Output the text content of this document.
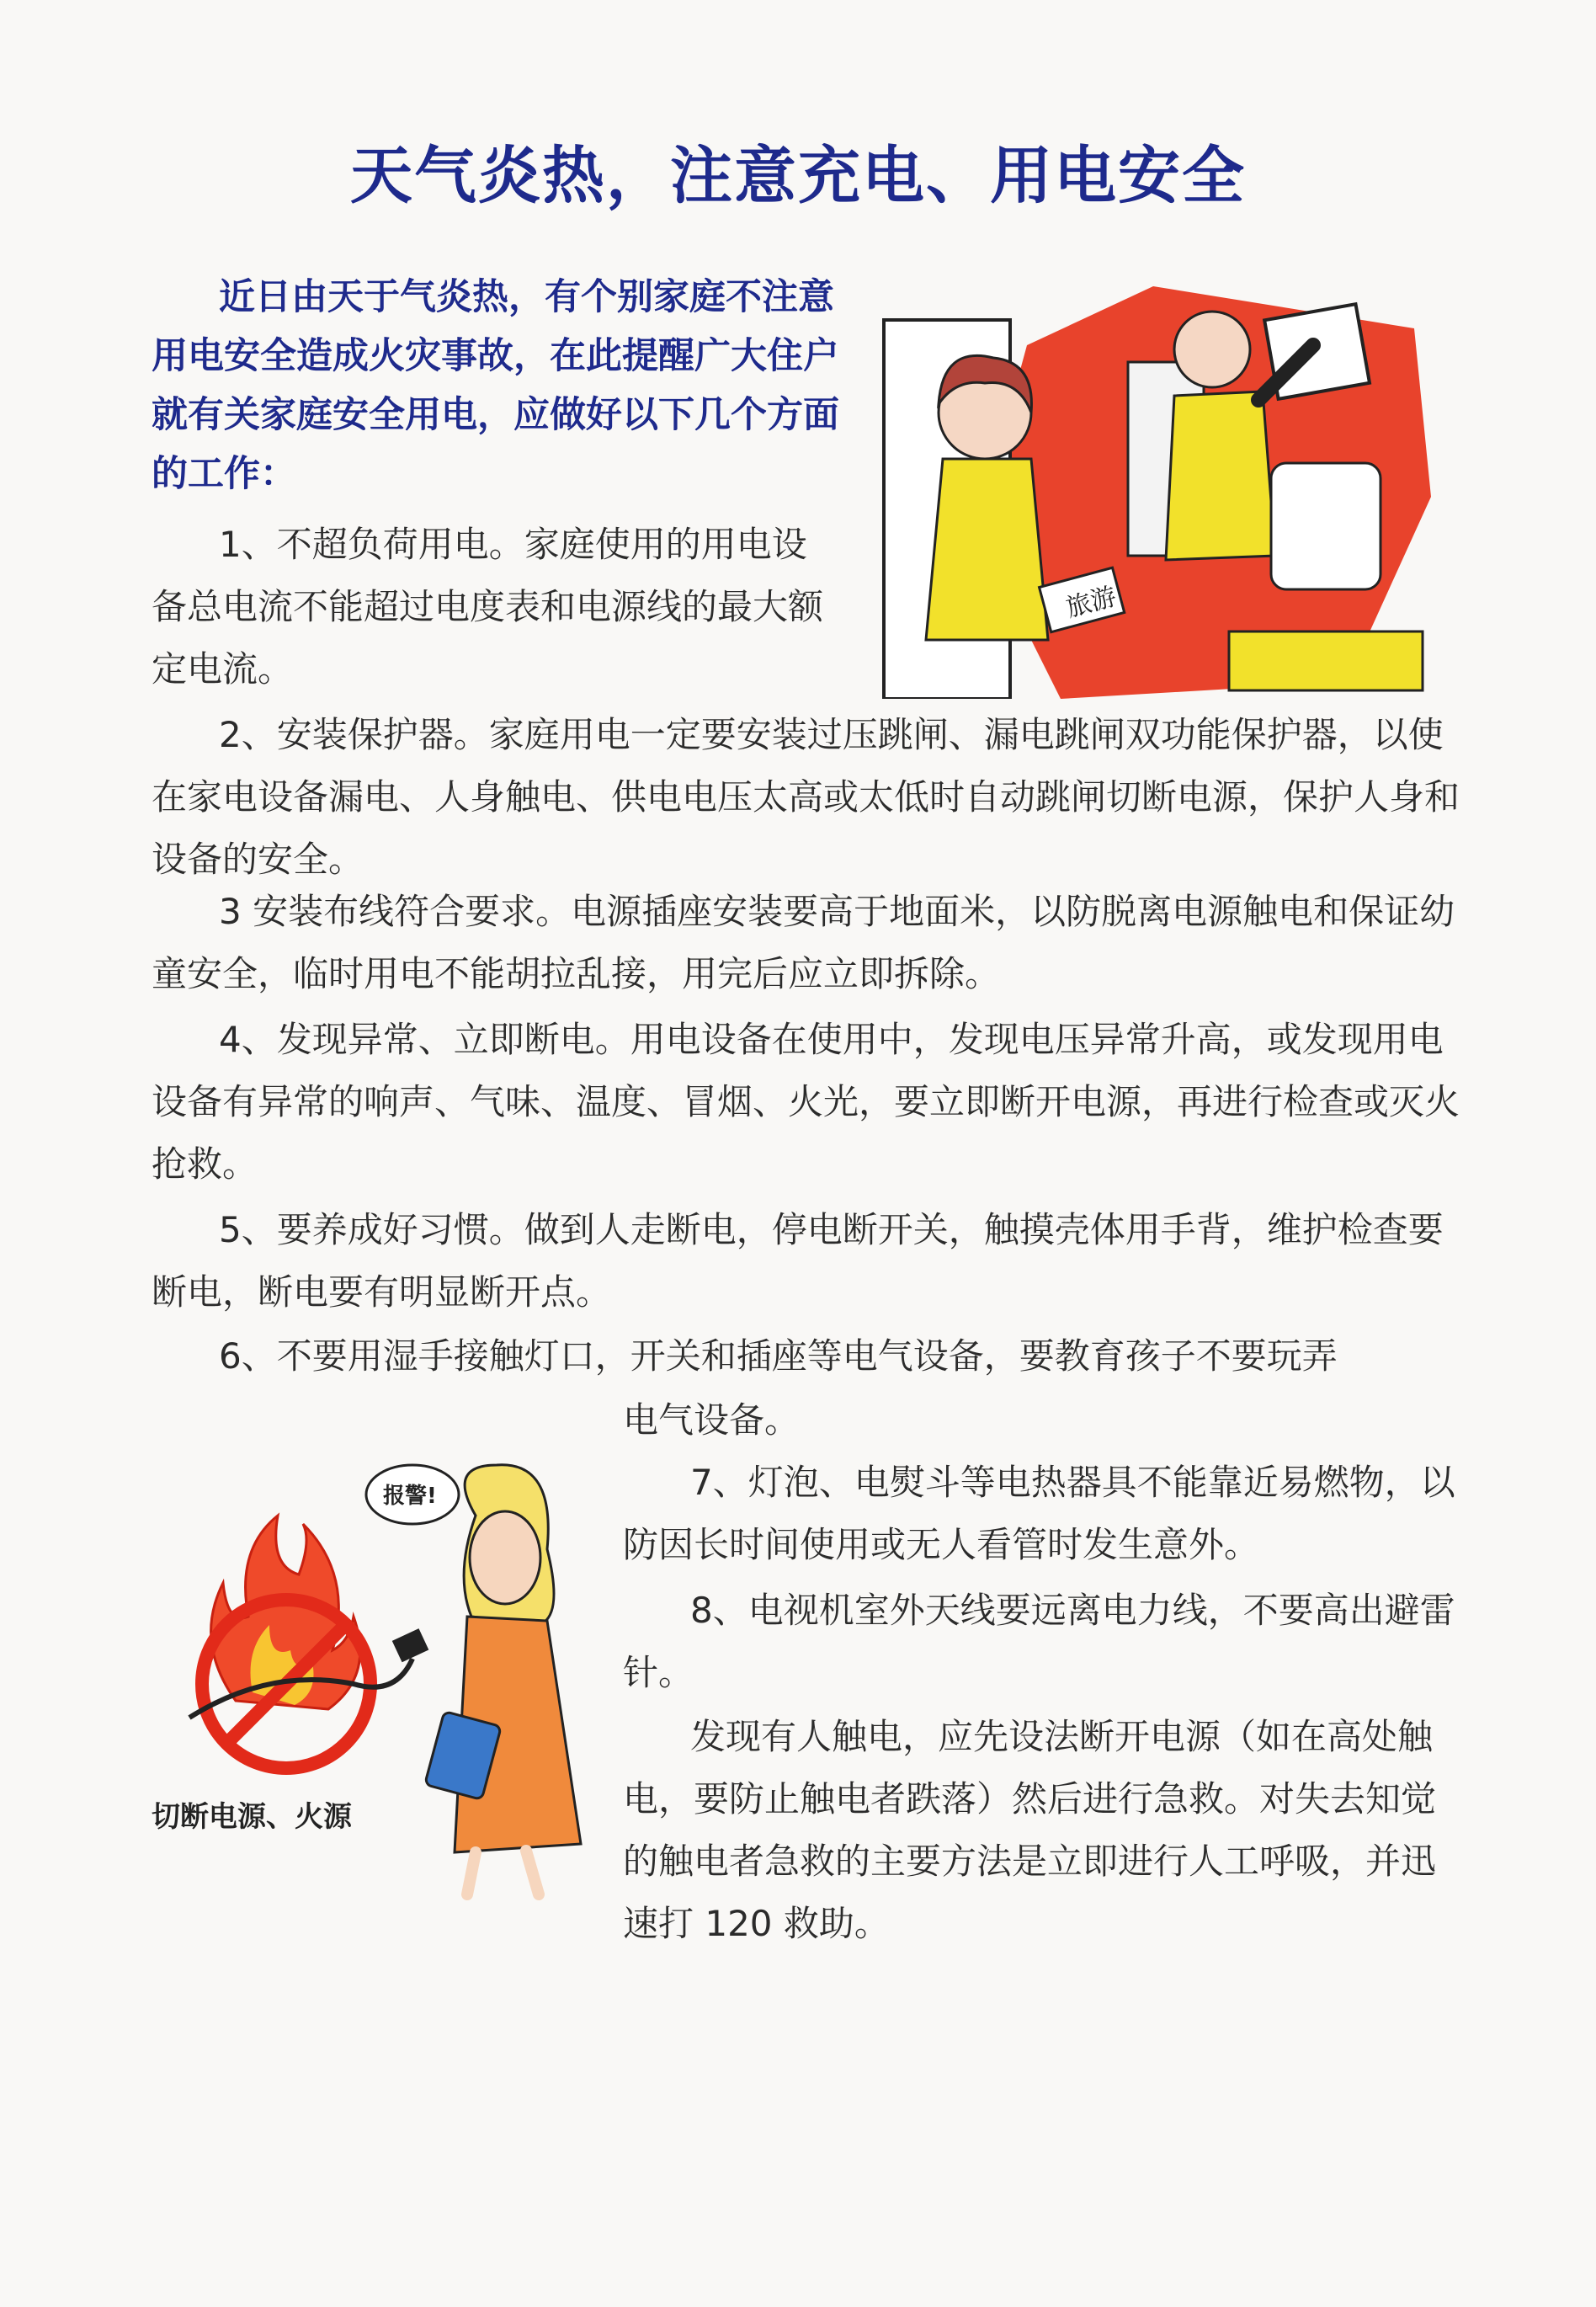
天气炎热，注意充电、用电安全
近日由天于气炎热，有个别家庭不注意用电安全造成火灾事故，在此提醒广大住户就有关家庭安全用电，应做好以下几个方面的工作：
旅游
1、不超负荷用电。家庭使用的用电设备总电流不能超过电度表和电源线的最大额定电流。
2、安装保护器。家庭用电一定要安装过压跳闸、漏电跳闸双功能保护器，以使在家电设备漏电、人身触电、供电电压太高或太低时自动跳闸切断电源，保护人身和设备的安全。
3 安装布线符合要求。电源插座安装要高于地面米，以防脱离电源触电和保证幼童安全，临时用电不能胡拉乱接，用完后应立即拆除。
4、发现异常、立即断电。用电设备在使用中，发现电压异常升高，或发现用电设备有异常的响声、气味、温度、冒烟、火光，要立即断开电源，再进行检查或灭火抢救。
5、要养成好习惯。做到人走断电，停电断开关，触摸壳体用手背，维护检查要断电，断电要有明显断开点。
6、不要用湿手接触灯口，开关和插座等电气设备，要教育孩子不要玩弄
电气设备。
7、灯泡、电熨斗等电热器具不能靠近易燃物，以防因长时间使用或无人看管时发生意外。
8、电视机室外天线要远离电力线，不要高出避雷针。
发现有人触电，应先设法断开电源（如在高处触电，要防止触电者跌落）然后进行急救。对失去知觉的触电者急救的主要方法是立即进行人工呼吸，并迅速打 120 救助。
报警!
切断电源、火源
